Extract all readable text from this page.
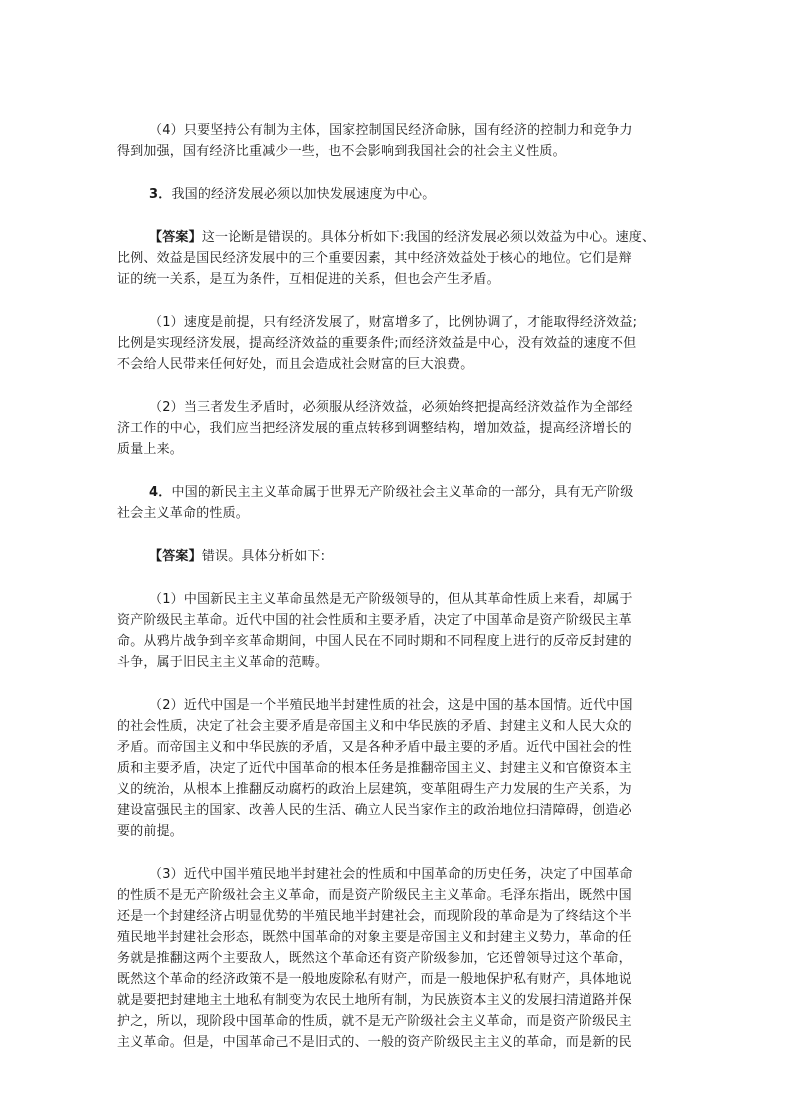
（4）只要坚持公有制为主体，国家控制国民经济命脉，国有经济的控制力和竞争力
得到加强，国有经济比重减少一些，也不会影响到我国社会的社会主义性质。

3．我国的经济发展必须以加快发展速度为中心。

【答案】这一论断是错误的。具体分析如下:我国的经济发展必须以效益为中心。速度、
比例、效益是国民经济发展中的三个重要因素，其中经济效益处于核心的地位。它们是辩
证的统一关系，是互为条件，互相促进的关系，但也会产生矛盾。

（1）速度是前提，只有经济发展了，财富增多了，比例协调了，才能取得经济效益;
比例是实现经济发展，提高经济效益的重要条件;而经济效益是中心，没有效益的速度不但
不会给人民带来任何好处，而且会造成社会财富的巨大浪费。

（2）当三者发生矛盾时，必须服从经济效益，必须始终把提高经济效益作为全部经
济工作的中心，我们应当把经济发展的重点转移到调整结构，增加效益，提高经济增长的
质量上来。

4．中国的新民主主义革命属于世界无产阶级社会主义革命的一部分，具有无产阶级
社会主义革命的性质。

【答案】错误。具体分析如下:

（1）中国新民主主义革命虽然是无产阶级领导的，但从其革命性质上来看，却属于
资产阶级民主革命。近代中国的社会性质和主要矛盾，决定了中国革命是资产阶级民主革
命。从鸦片战争到辛亥革命期间，中国人民在不同时期和不同程度上进行的反帝反封建的
斗争，属于旧民主主义革命的范畴。

（2）近代中国是一个半殖民地半封建性质的社会，这是中国的基本国情。近代中国
的社会性质，决定了社会主要矛盾是帝国主义和中华民族的矛盾、封建主义和人民大众的
矛盾。而帝国主义和中华民族的矛盾，又是各种矛盾中最主要的矛盾。近代中国社会的性
质和主要矛盾，决定了近代中国革命的根本任务是推翻帝国主义、封建主义和官僚资本主
义的统治，从根本上推翻反动腐朽的政治上层建筑，变革阻碍生产力发展的生产关系，为
建设富强民主的国家、改善人民的生活、确立人民当家作主的政治地位扫清障碍，创造必
要的前提。

（3）近代中国半殖民地半封建社会的性质和中国革命的历史任务，决定了中国革命
的性质不是无产阶级社会主义革命，而是资产阶级民主主义革命。毛泽东指出，既然中国
还是一个封建经济占明显优势的半殖民地半封建社会，而现阶段的革命是为了终结这个半
殖民地半封建社会形态，既然中国革命的对象主要是帝国主义和封建主义势力，革命的任
务就是推翻这两个主要敌人，既然这个革命还有资产阶级参加，它还曾领导过这个革命，
既然这个革命的经济政策不是一般地废除私有财产，而是一般地保护私有财产，具体地说
就是要把封建地主土地私有制变为农民土地所有制，为民族资本主义的发展扫清道路并保
护之，所以，现阶段中国革命的性质，就不是无产阶级社会主义革命，而是资产阶级民主
主义革命。但是，中国革命己不是旧式的、一般的资产阶级民主主义的革命，而是新的民
